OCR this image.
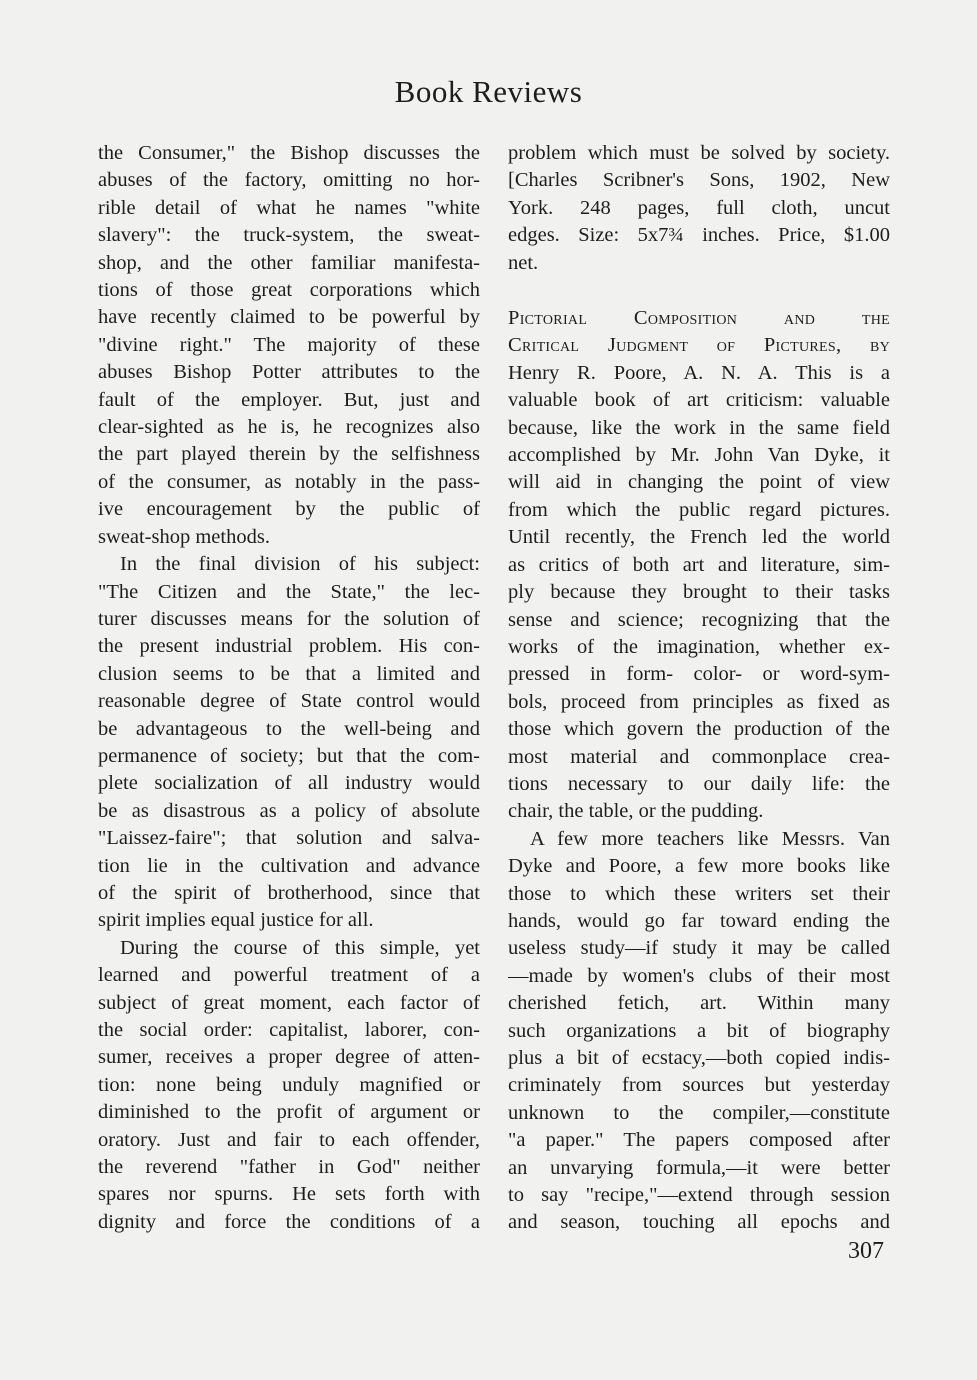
Book Reviews
the Consumer," the Bishop discusses the
abuses of the factory, omitting no hor-
rible detail of what he names "white
slavery": the truck-system, the sweat-
shop, and the other familiar manifesta-
tions of those great corporations which
have recently claimed to be powerful by
"divine right." The majority of these
abuses Bishop Potter attributes to the
fault of the employer. But, just and
clear-sighted as he is, he recognizes also
the part played therein by the selfishness
of the consumer, as notably in the pass-
ive encouragement by the public of
sweat-shop methods.
In the final division of his subject:
"The Citizen and the State," the lec-
turer discusses means for the solution of
the present industrial problem. His con-
clusion seems to be that a limited and
reasonable degree of State control would
be advantageous to the well-being and
permanence of society; but that the com-
plete socialization of all industry would
be as disastrous as a policy of absolute
"Laissez-faire"; that solution and salva-
tion lie in the cultivation and advance
of the spirit of brotherhood, since that
spirit implies equal justice for all.
During the course of this simple, yet
learned and powerful treatment of a
subject of great moment, each factor of
the social order: capitalist, laborer, con-
sumer, receives a proper degree of atten-
tion: none being unduly magnified or
diminished to the profit of argument or
oratory. Just and fair to each offender,
the reverend "father in God" neither
spares nor spurns. He sets forth with
dignity and force the conditions of a
problem which must be solved by society.
[Charles Scribner's Sons, 1902, New
York. 248 pages, full cloth, uncut
edges. Size: 5x7¾ inches. Price, $1.00
net.
Pictorial Composition and the
Critical Judgment of Pictures, by
Henry R. Poore, A. N. A. This is a
valuable book of art criticism: valuable
because, like the work in the same field
accomplished by Mr. John Van Dyke, it
will aid in changing the point of view
from which the public regard pictures.
Until recently, the French led the world
as critics of both art and literature, sim-
ply because they brought to their tasks
sense and science; recognizing that the
works of the imagination, whether ex-
pressed in form- color- or word-sym-
bols, proceed from principles as fixed as
those which govern the production of the
most material and commonplace crea-
tions necessary to our daily life: the
chair, the table, or the pudding.
A few more teachers like Messrs. Van
Dyke and Poore, a few more books like
those to which these writers set their
hands, would go far toward ending the
useless study—if study it may be called
—made by women's clubs of their most
cherished fetich, art. Within many
such organizations a bit of biography
plus a bit of ecstacy,—both copied indis-
criminately from sources but yesterday
unknown to the compiler,—constitute
"a paper." The papers composed after
an unvarying formula,—it were better
to say "recipe,"—extend through session
and season, touching all epochs and
307
